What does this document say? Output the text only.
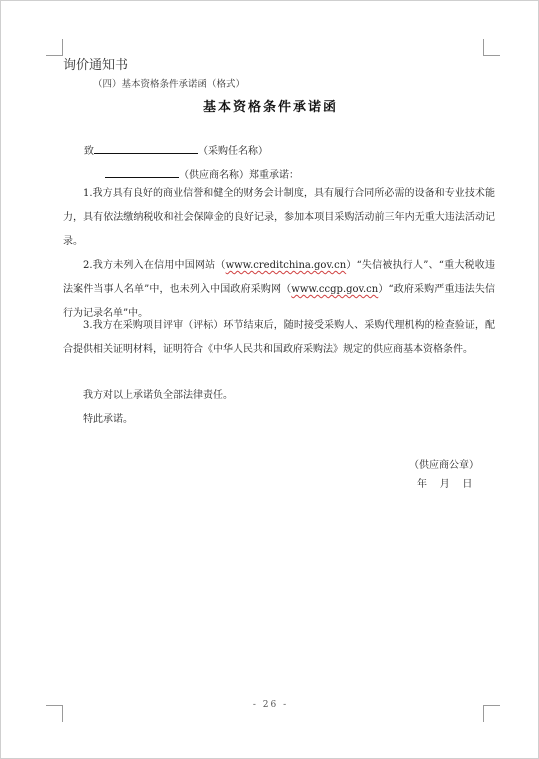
询价通知书
（四）基本资格条件承诺函（格式）
基本资格条件承诺函
致	（采购任名称）
（供应商名称）郑重承诺：
1.我方具有良好的商业信誉和健全的财务会计制度，具有履行合同所必需的设备和专业技术能力，具有依法缴纳税收和社会保障金的良好记录，参加本项目采购活动前三年内无重大违法活动记录。
2.我方未列入在信用中国网站（www.creditchina.gov.cn）“失信被执行人”、“重大税收违法案件当事人名单”中，也未列入中国政府采购网（www.ccgp.gov.cn）“政府采购严重违法失信行为记录名单”中。
3.我方在采购项目评审（评标）环节结束后，随时接受采购人、采购代理机构的检查验证，配合提供相关证明材料，证明符合《中华人民共和国政府采购法》规定的供应商基本资格条件。
我方对以上承诺负全部法律责任。
特此承诺。
（供应商公章）
年    月    日
- 26 -
